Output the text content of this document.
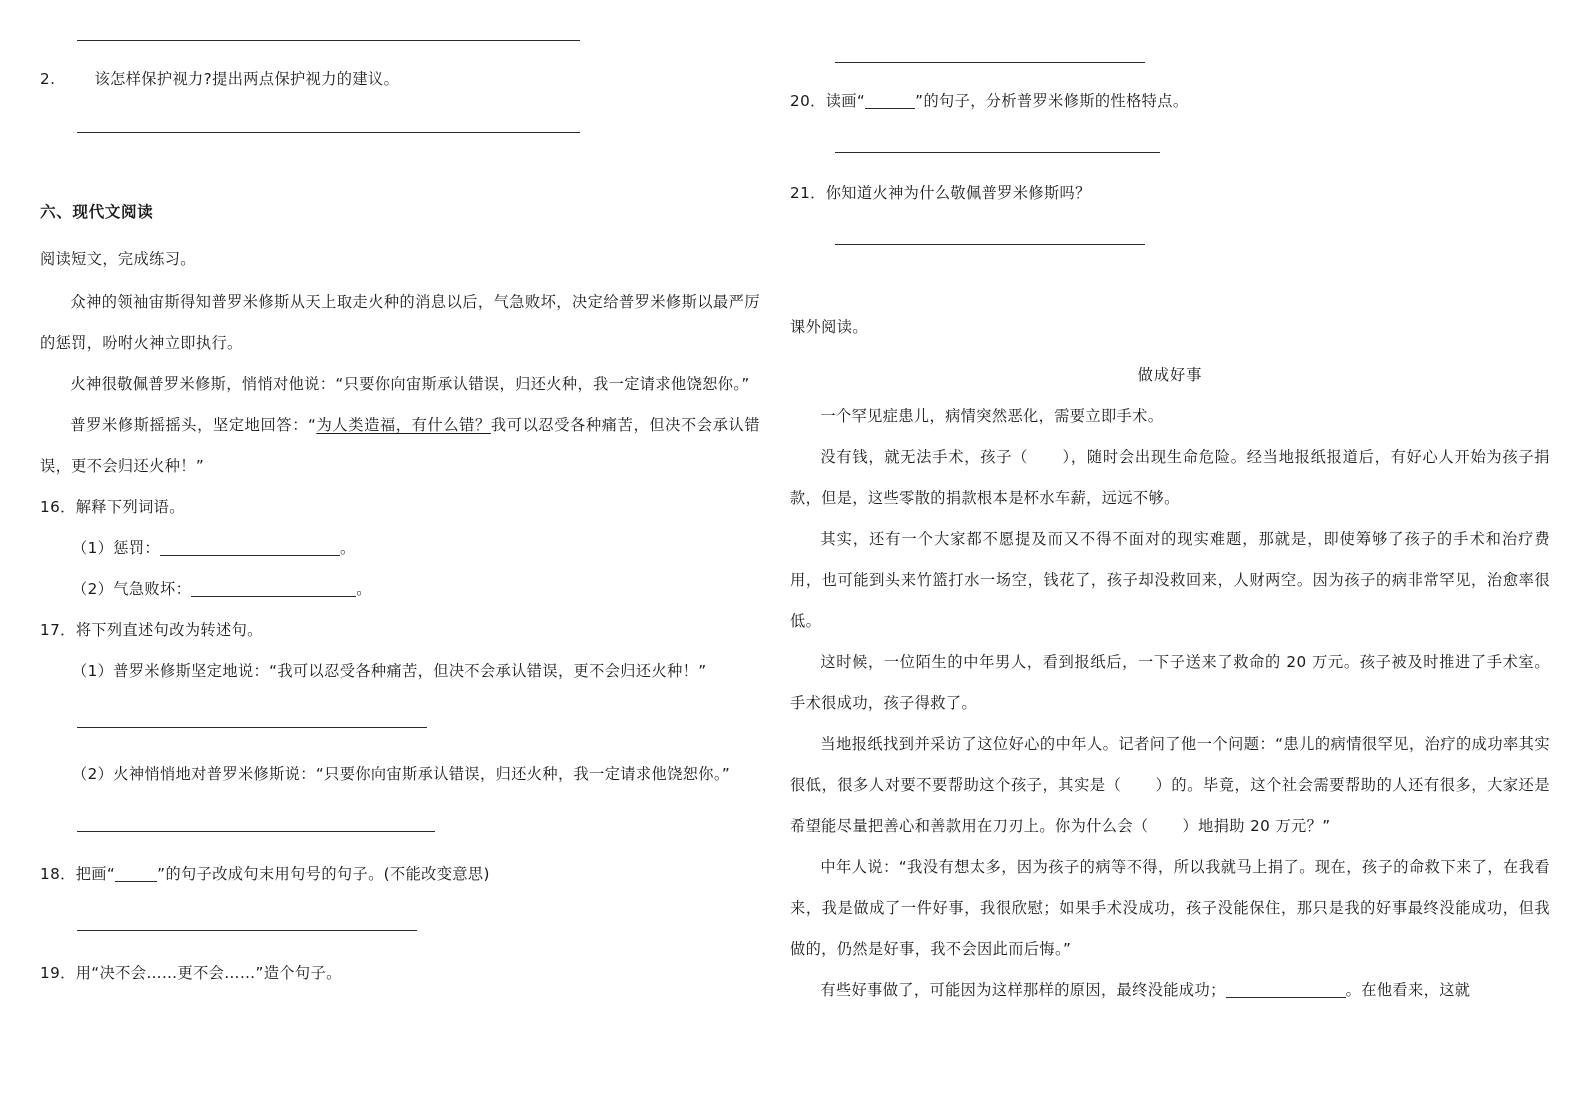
2.	该怎样保护视力?提出两点保护视力的建议。

六、现代文阅读

阅读短文，完成练习。

众神的领袖宙斯得知普罗米修斯从天上取走火种的消息以后，气急败坏，决定给普罗米修斯以最严厉的惩罚，吩咐火神立即执行。

火神很敬佩普罗米修斯，悄悄对他说：“只要你向宙斯承认错误，归还火种，我一定请求他饶恕你。”

普罗米修斯摇摇头，坚定地回答：“为人类造福，有什么错？我可以忍受各种痛苦，但决不会承认错误，更不会归还火种！”

16．解释下列词语。

（1）惩罚：	。

（2）气急败坏：	。

17．将下列直述句改为转述句。

（1）普罗米修斯坚定地说：“我可以忍受各种痛苦，但决不会承认错误，更不会归还火种！”

（2）火神悄悄地对普罗米修斯说：“只要你向宙斯承认错误，归还火种，我一定请求他饶恕你。”

18．把画“	”的句子改成句末用句号的句子。(不能改变意思)

19．用“决不会……更不会……”造个句子。

20．读画“	”的句子，分析普罗米修斯的性格特点。

21．你知道火神为什么敬佩普罗米修斯吗？

课外阅读。

做成好事

一个罕见症患儿，病情突然恶化，需要立即手术。

没有钱，就无法手术，孩子（ ），随时会出现生命危险。经当地报纸报道后，有好心人开始为孩子捐款，但是，这些零散的捐款根本是杯水车薪，远远不够。

其实，还有一个大家都不愿提及而又不得不面对的现实难题，那就是，即使筹够了孩子的手术和治疗费用，也可能到头来竹篮打水一场空，钱花了，孩子却没救回来，人财两空。因为孩子的病非常罕见，治愈率很低。

这时候，一位陌生的中年男人，看到报纸后，一下子送来了救命的 20 万元。孩子被及时推进了手术室。手术很成功，孩子得救了。

当地报纸找到并采访了这位好心的中年人。记者问了他一个问题：“患儿的病情很罕见，治疗的成功率其实很低，很多人对要不要帮助这个孩子，其实是（ ）的。毕竟，这个社会需要帮助的人还有很多，大家还是希望能尽量把善心和善款用在刀刃上。你为什么会（ ）地捐助 20 万元？”

中年人说：“我没有想太多，因为孩子的病等不得，所以我就马上捐了。现在，孩子的命救下来了，在我看来，我是做成了一件好事，我很欣慰；如果手术没成功，孩子没能保住，那只是我的好事最终没能成功，但我做的，仍然是好事，我不会因此而后悔。”

有些好事做了，可能因为这样那样的原因，最终没能成功；	。在他看来，这就
